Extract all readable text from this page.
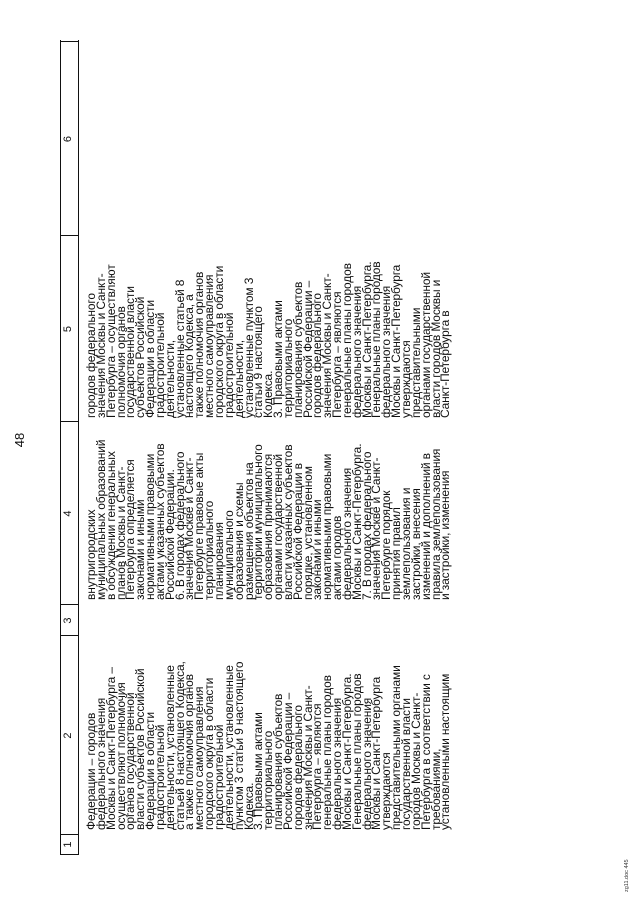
48
1
2
3
4
5
6
Федерации – городов
федерального значения
Москвы и Санкт-Петербурга –
осуществляют полномочия
органов государственной
власти субъектов Российской
Федерации в области
градостроительной
деятельности, установленные
статьей 8 настоящего Кодекса,
а также полномочия органов
местного самоуправления
городского округа в области
градостроительной
деятельности, установленные
пунктом 3 статьи 9 настоящего
Кодекса.
3. Правовыми актами
территориального
планирования субъектов
Российской Федерации –
городов федерального
значения Москвы и Санкт-
Петербурга – являются
генеральные планы городов
федерального значения
Москвы и Санкт-Петербурга.
Генеральные планы городов
федерального значения
Москвы и Санкт-Петербурга
утверждаются
представительными органами
государственной власти
городов Москвы и Санкт-
Петербурга в соответствии с
требованиями,
установленными настоящим
внутригородских
муниципальных образований
в обсуждении генеральных
планов Москвы и Санкт-
Петербурга определяется
законами и иными
нормативными правовыми
актами указанных субъектов
Российской Федерации.
6. В городах федерального
значения Москве и Санкт-
Петербурге правовые акты
территориального
планирования
муниципального
образования и схемы
размещения объектов на
территории муниципального
образования принимаются
органами государственной
власти указанных субъектов
Российской Федерации в
порядке, установленном
законами и иными
нормативными правовыми
актами городов
федерального значения
Москвы и Санкт-Петербурга.
7. В городах федерального
значения Москве и Санкт-
Петербурге порядок
принятия правил
землепользования и
застройки, внесения
изменений и дополнений в
правила землепользования
и застройки, изменения
городов федерального
значения Москвы и Санкт-
Петербурга – осуществляют
полномочия органов
государственной власти
субъектов Российской
Федерации в области
градостроительной
деятельности,
установленные статьей 8
настоящего Кодекса, а
также полномочия органов
местного самоуправления
городского округа в области
градостроительной
деятельности,
установленные пунктом 3
статьи 9 настоящего
Кодекса.
3. Правовыми актами
территориального
планирования субъектов
Российской Федерации –
городов федерального
значения Москвы и Санкт-
Петербурга – являются
генеральные планы городов
федерального значения
Москвы и Санкт-Петербурга.
Генеральные планы городов
федерального значения
Москвы и Санкт-Петербурга
утверждаются
представительными
органами государственной
власти городов Москвы и
Санкт-Петербурга в
zg11.doc 445
